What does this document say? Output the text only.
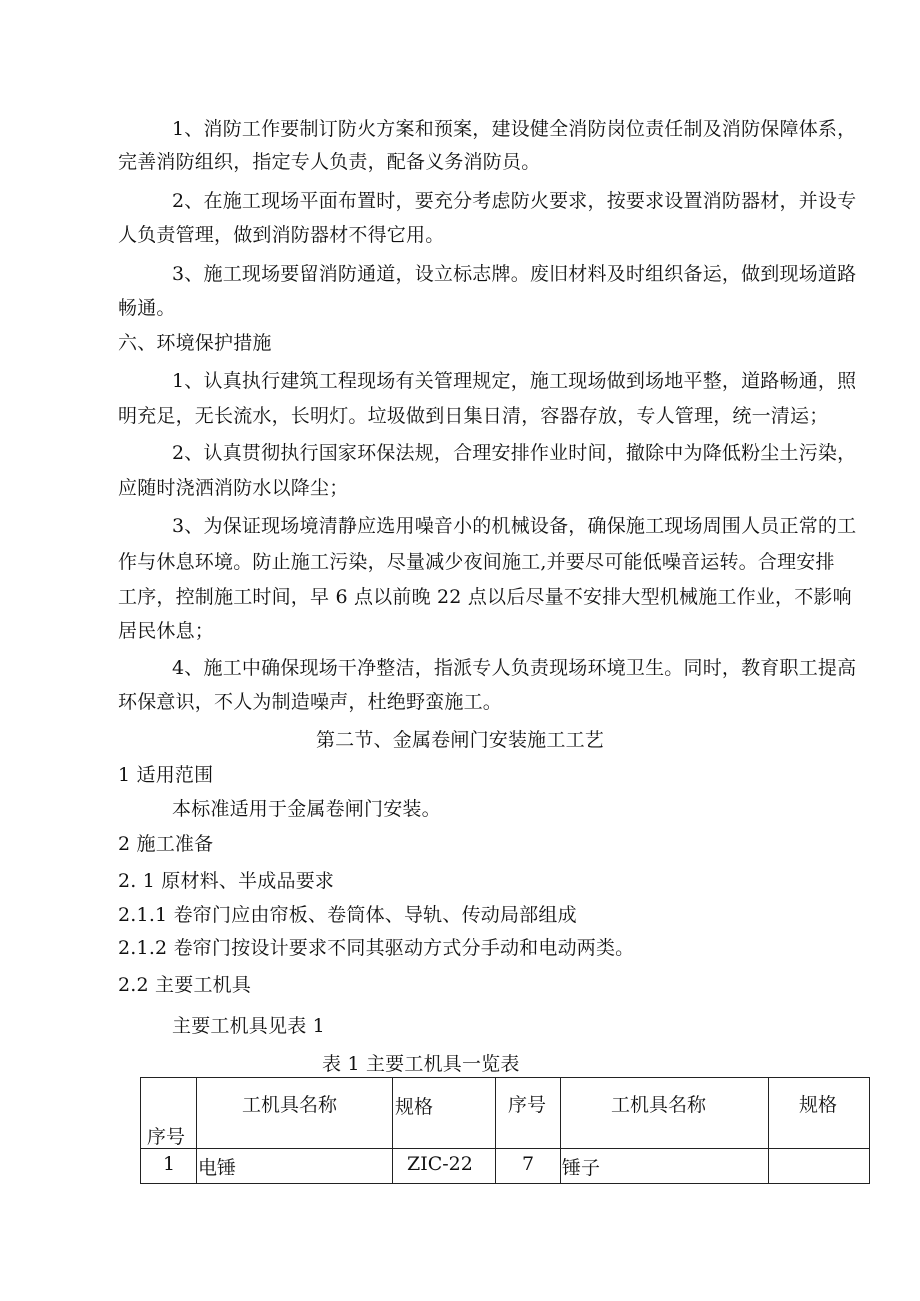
1、消防工作要制订防火方案和预案，建设健全消防岗位责任制及消防保障体系，
完善消防组织，指定专人负责，配备义务消防员。
2、在施工现场平面布置时，要充分考虑防火要求，按要求设置消防器材，并设专
人负责管理，做到消防器材不得它用。
3、施工现场要留消防通道，设立标志牌。废旧材料及时组织备运，做到现场道路
畅通。
六、环境保护措施
1、认真执行建筑工程现场有关管理规定，施工现场做到场地平整，道路畅通，照
明充足，无长流水，长明灯。垃圾做到日集日清，容器存放，专人管理，统一清运；
2、认真贯彻执行国家环保法规，合理安排作业时间，撤除中为降低粉尘土污染，
应随时浇洒消防水以降尘；
3、为保证现场境清静应选用噪音小的机械设备，确保施工现场周围人员正常的工
作与休息环境。防止施工污染，尽量减少夜间施工,并要尽可能低噪音运转。合理安排
工序，控制施工时间，早 6 点以前晚 22 点以后尽量不安排大型机械施工作业，不影响
居民休息；
4、施工中确保现场干净整洁，指派专人负责现场环境卫生。同时，教育职工提高
环保意识，不人为制造噪声，杜绝野蛮施工。
第二节、金属卷闸门安装施工工艺
1 适用范围
本标准适用于金属卷闸门安装。
2 施工准备
2. 1 原材料、半成品要求
2.1.1 卷帘门应由帘板、卷筒体、导轨、传动局部组成
2.1.2 卷帘门按设计要求不同其驱动方式分手动和电动两类。
2.2 主要工机具
主要工机具见表 1
表 1 主要工机具一览表
序号	工机具名称	规格	序号	工机具名称	规格

1	电锤	ZIC-22	7	锤子	
